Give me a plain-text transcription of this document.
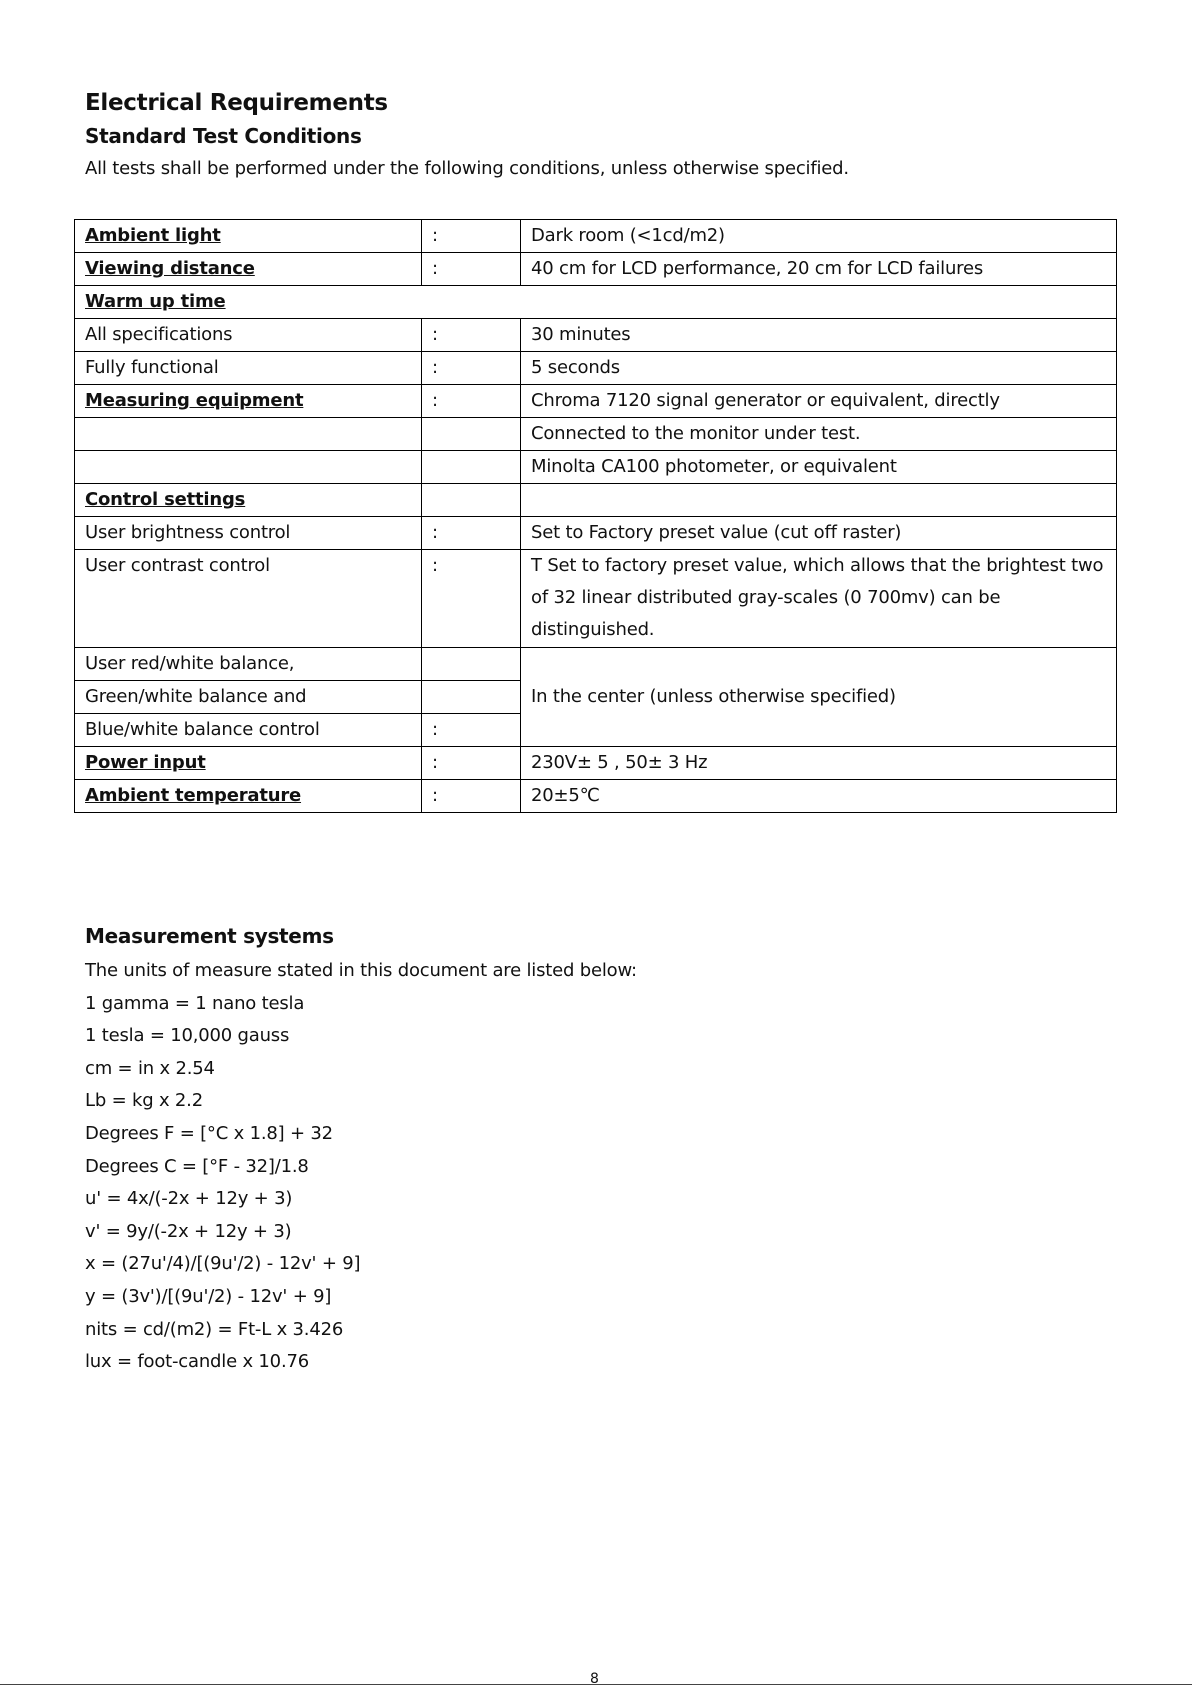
Electrical Requirements
Standard Test Conditions
All tests shall be performed under the following conditions, unless otherwise specified.
Ambient light	:	Dark room (<1cd/m2)
Viewing distance	:	40 cm for LCD performance, 20 cm for LCD failures
Warm up time		
All specifications	:	30 minutes
Fully functional	:	5 seconds
Measuring equipment	:	Chroma 7120 signal generator or equivalent, directly
		Connected to the monitor under test.
		Minolta CA100 photometer, or equivalent
Control settings		
User brightness control	:	Set to Factory preset value (cut off raster)
User contrast control	:	T Set to factory preset value, which allows that the brightest two
of 32 linear distributed gray-scales (0 700mv) can be
distinguished.

User red/white balance,		In the center (unless otherwise specified)
Green/white balance and		
Blue/white balance control	:	
Power input	:	230V± 5 , 50± 3 Hz
Ambient temperature	:	20±5℃
Measurement systems
The units of measure stated in this document are listed below:
1 gamma = 1 nano tesla
1 tesla = 10,000 gauss
cm = in x 2.54
Lb = kg x 2.2
Degrees F = [°C x 1.8] + 32
Degrees C = [°F - 32]/1.8
u' = 4x/(-2x + 12y + 3)
v' = 9y/(-2x + 12y + 3)
x = (27u'/4)/[(9u'/2) - 12v' + 9]
y = (3v')/[(9u'/2) - 12v' + 9]
nits = cd/(m2) = Ft-L x 3.426
lux = foot-candle x 10.76
8
